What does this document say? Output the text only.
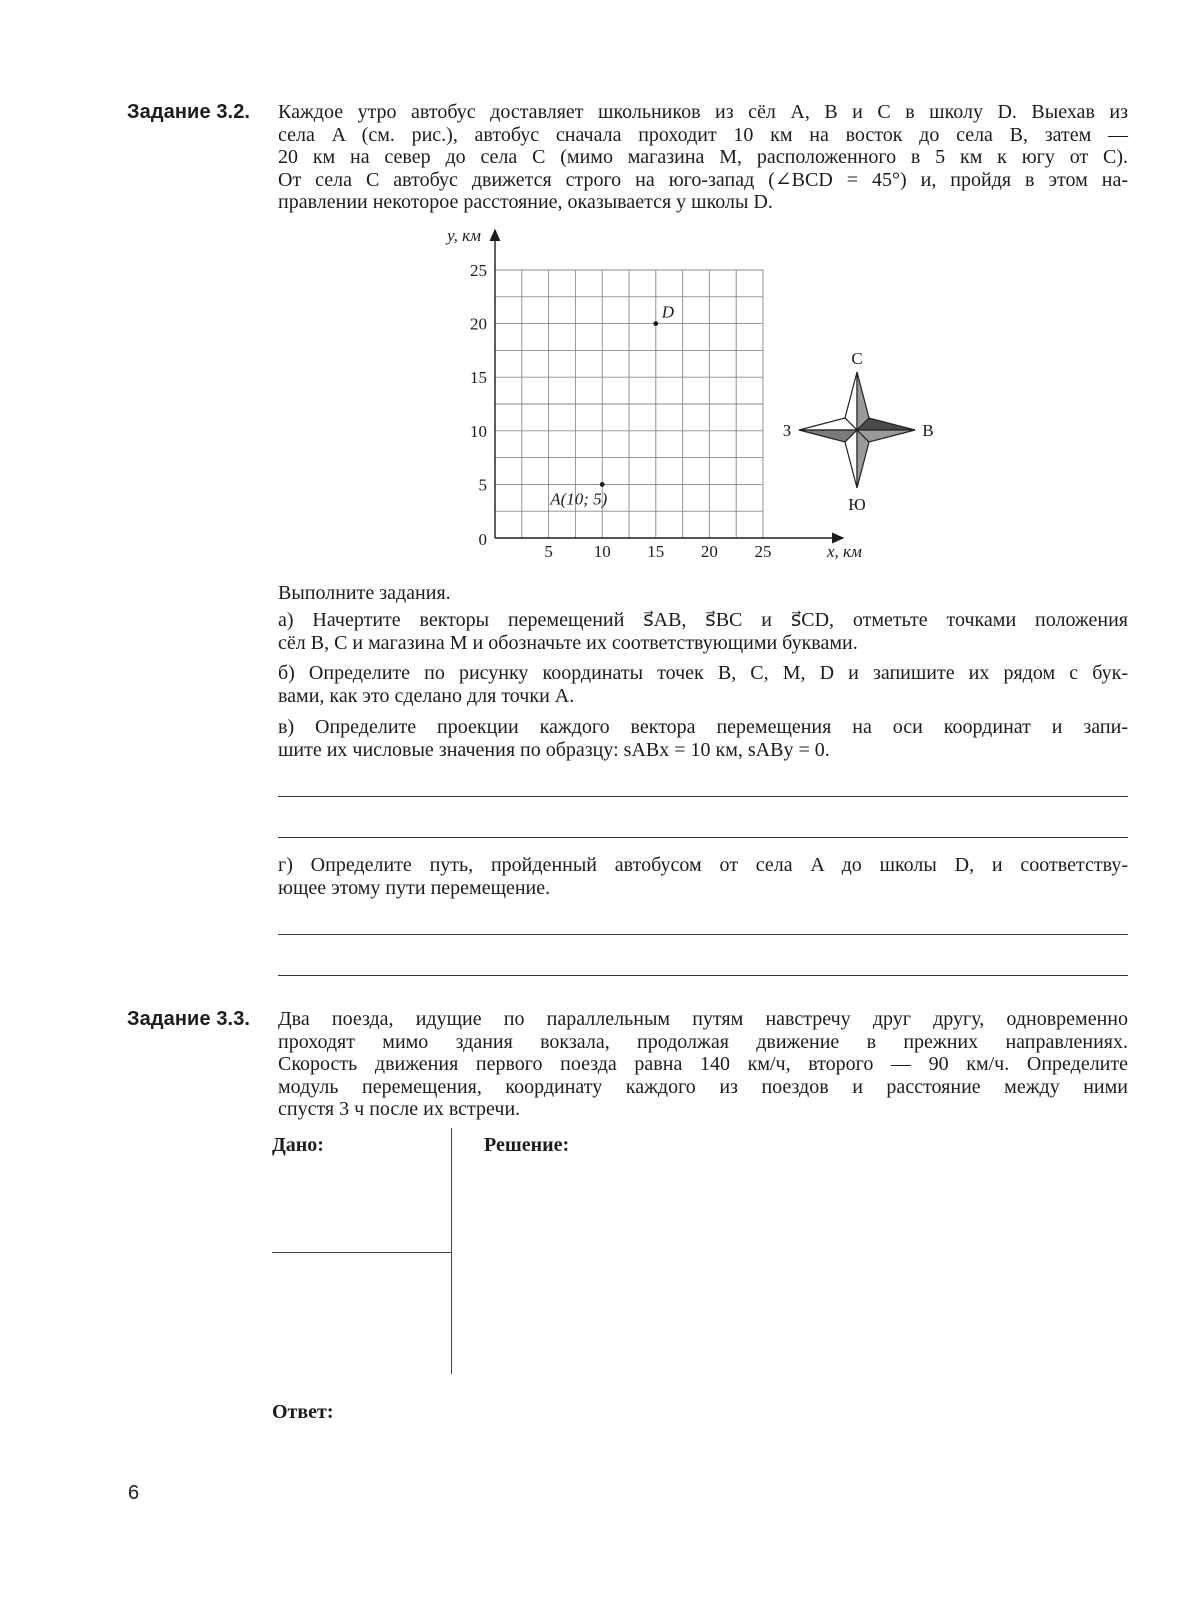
Задание 3.2. Каждое утро автобус доставляет школьников из сёл A, B и C в школу D. Выехав из
села A (см. рис.), автобус сначала проходит 10 км на восток до села B, затем —
20 км на север до села C (мимо магазина M, расположенного в 5 км к югу от C).
От села C автобус движется строго на юго-запад (∠BCD = 45°) и, пройдя в этом на-
правлении некоторое расстояние, оказывается у школы D.
5 10 15 20 25
5
10
15
20
25
0
y, км
x, км
A(10; 5)
D
С
Ю
З	В
Выполните задания.
а) Начертите векторы перемещений s⃗AB, s⃗BC и s⃗CD, отметьте точками положения
сёл B, C и магазина M и обозначьте их соответствующими буквами.
б) Определите по рисунку координаты точек B, C, M, D и запишите их рядом с бук-
вами, как это сделано для точки A.
в) Определите проекции каждого вектора перемещения на оси координат и запи-
шите их числовые значения по образцу: sABx = 10 км, sABy = 0.
г) Определите путь, пройденный автобусом от села A до школы D, и соответству-
ющее этому пути перемещение.
Задание 3.3. Два поезда, идущие по параллельным путям навстречу друг другу, одновременно
проходят мимо здания вокзала, продолжая движение в прежних направлениях.
Скорость движения первого поезда равна 140 км/ч, второго — 90 км/ч. Определите
модуль перемещения, координату каждого из поездов и расстояние между ними
спустя 3 ч после их встречи.
Дано:	Решение:
Ответ:
6
